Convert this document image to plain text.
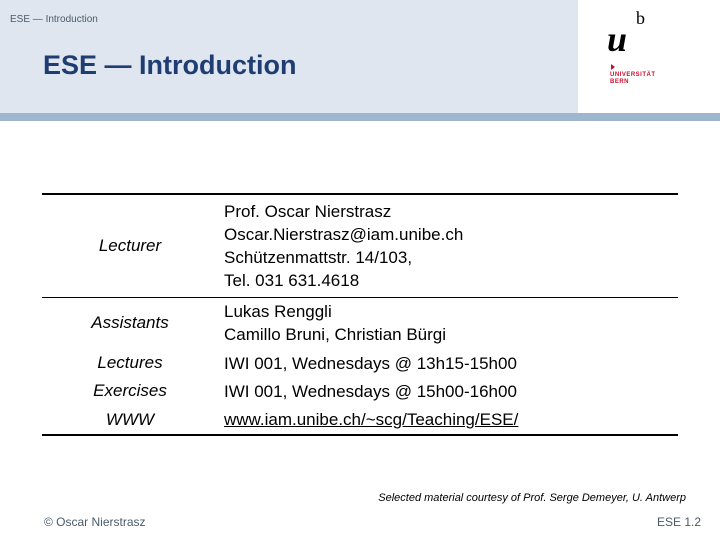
ESE — Introduction
ESE — Introduction
u
b
UNIVERSITÄT
BERN
Lecturer	Prof. Oscar Nierstrasz
Oscar.Nierstrasz@iam.unibe.ch
Schützenmattstr. 14/103,
Tel. 031 631.4618

Assistants	Lukas Renggli
Camillo Bruni, Christian Bürgi

Lectures	IWI 001, Wednesdays @ 13h15-15h00
Exercises	IWI 001, Wednesdays @ 15h00-16h00
WWW	www.iam.unibe.ch/~scg/Teaching/ESE/
Selected material courtesy of Prof. Serge Demeyer, U. Antwerp
© Oscar Nierstrasz	ESE 1.2
